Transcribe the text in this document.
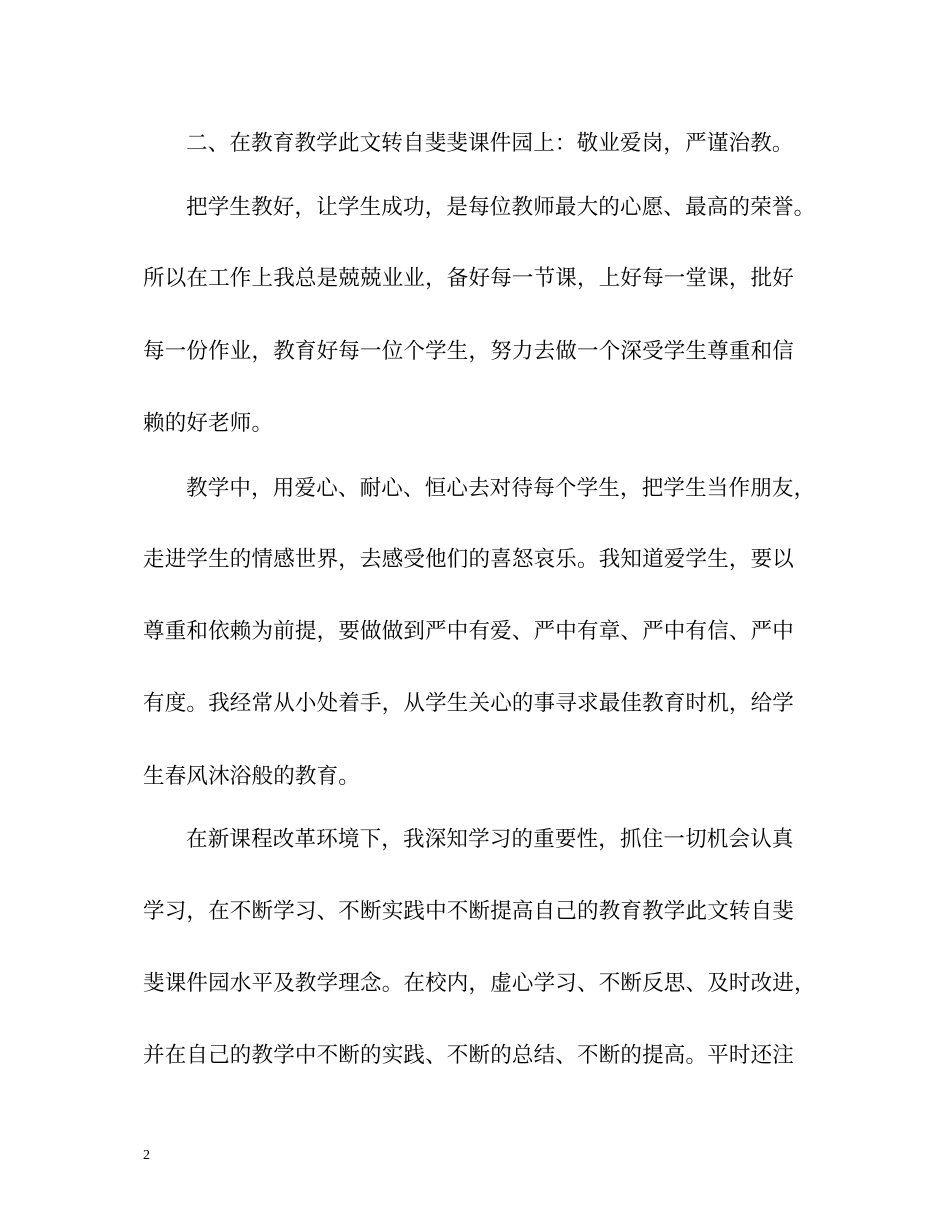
二、在教育教学此文转自斐斐课件园上：敬业爱岗，严谨治教。
把学生教好，让学生成功，是每位教师最大的心愿、最高的荣誉。
所以在工作上我总是兢兢业业，备好每一节课，上好每一堂课，批好
每一份作业，教育好每一位个学生，努力去做一个深受学生尊重和信
赖的好老师。
教学中，用爱心、耐心、恒心去对待每个学生，把学生当作朋友，
走进学生的情感世界，去感受他们的喜怒哀乐。我知道爱学生，要以
尊重和依赖为前提，要做做到严中有爱、严中有章、严中有信、严中
有度。我经常从小处着手，从学生关心的事寻求最佳教育时机，给学
生春风沐浴般的教育。
在新课程改革环境下，我深知学习的重要性，抓住一切机会认真
学习，在不断学习、不断实践中不断提高自己的教育教学此文转自斐
斐课件园水平及教学理念。在校内，虚心学习、不断反思、及时改进，
并在自己的教学中不断的实践、不断的总结、不断的提高。平时还注
2
